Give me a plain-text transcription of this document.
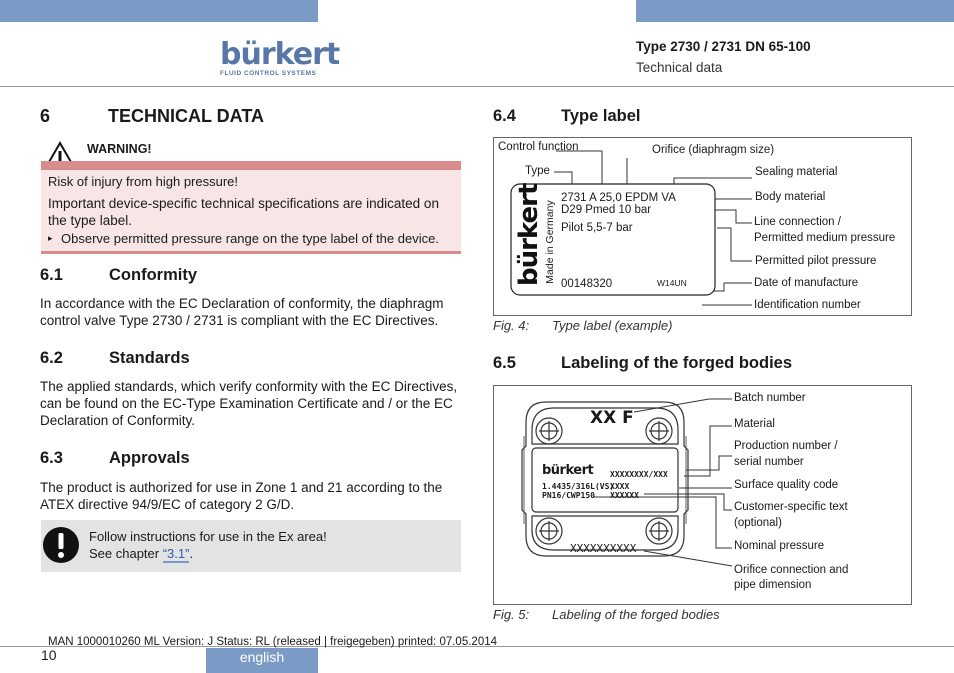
bürkert
FLUID CONTROL SYSTEMS
Type 2730 / 2731 DN 65-100
Technical data
6	TECHNICAL DATA
WARNING!
Risk of injury from high pressure!
Important device-specific technical specifications are indicated on the type label.
▸ Observe permitted pressure range on the type label of the device.
6.1	Conformity

In accordance with the EC Declaration of conformity, the diaphragm control valve Type 2730 / 2731 is compliant with the EC Directives.

6.2	Standards

The applied standards, which verify conformity with the EC Directives, can be found on the EC-Type Examination Certificate and / or the EC Declaration of Conformity.

6.3	Approvals

The product is authorized for use in Zone 1 and 21 according to the ATEX directive 94/9/EC of category 2 G/D.

Follow instructions for use in the Ex area!
See chapter “3.1”.
6.4	Type label
Control function	Orifice (diaphragm size)
Type	Sealing material
Body material
Line connection /
Permitted medium pressure
Permitted pilot pressure
Date of manufacture
Identification number
bürkert Made in Germany
2731 A 25,0 EPDM VA
D29 Pmed 10 bar
Pilot 5,5-7 bar
00148320	W14UN
Fig. 4: Type label (example)
6.5	Labeling of the forged bodies
XX F
bürkert
1.4435/316L(VS)
PN16/CWP150
XXXXXXXX/XXX
XXXX
XXXXXX
XXXXXXXXXX
Batch number
Material
Production number /
serial number
Surface quality code
Customer-specific text
(optional)
Nominal pressure
Orifice connection and
pipe dimension
Fig. 5: Labeling of the forged bodies
MAN 1000010260 ML Version: J Status: RL (released | freigegeben) printed: 07.05.2014
10	english
